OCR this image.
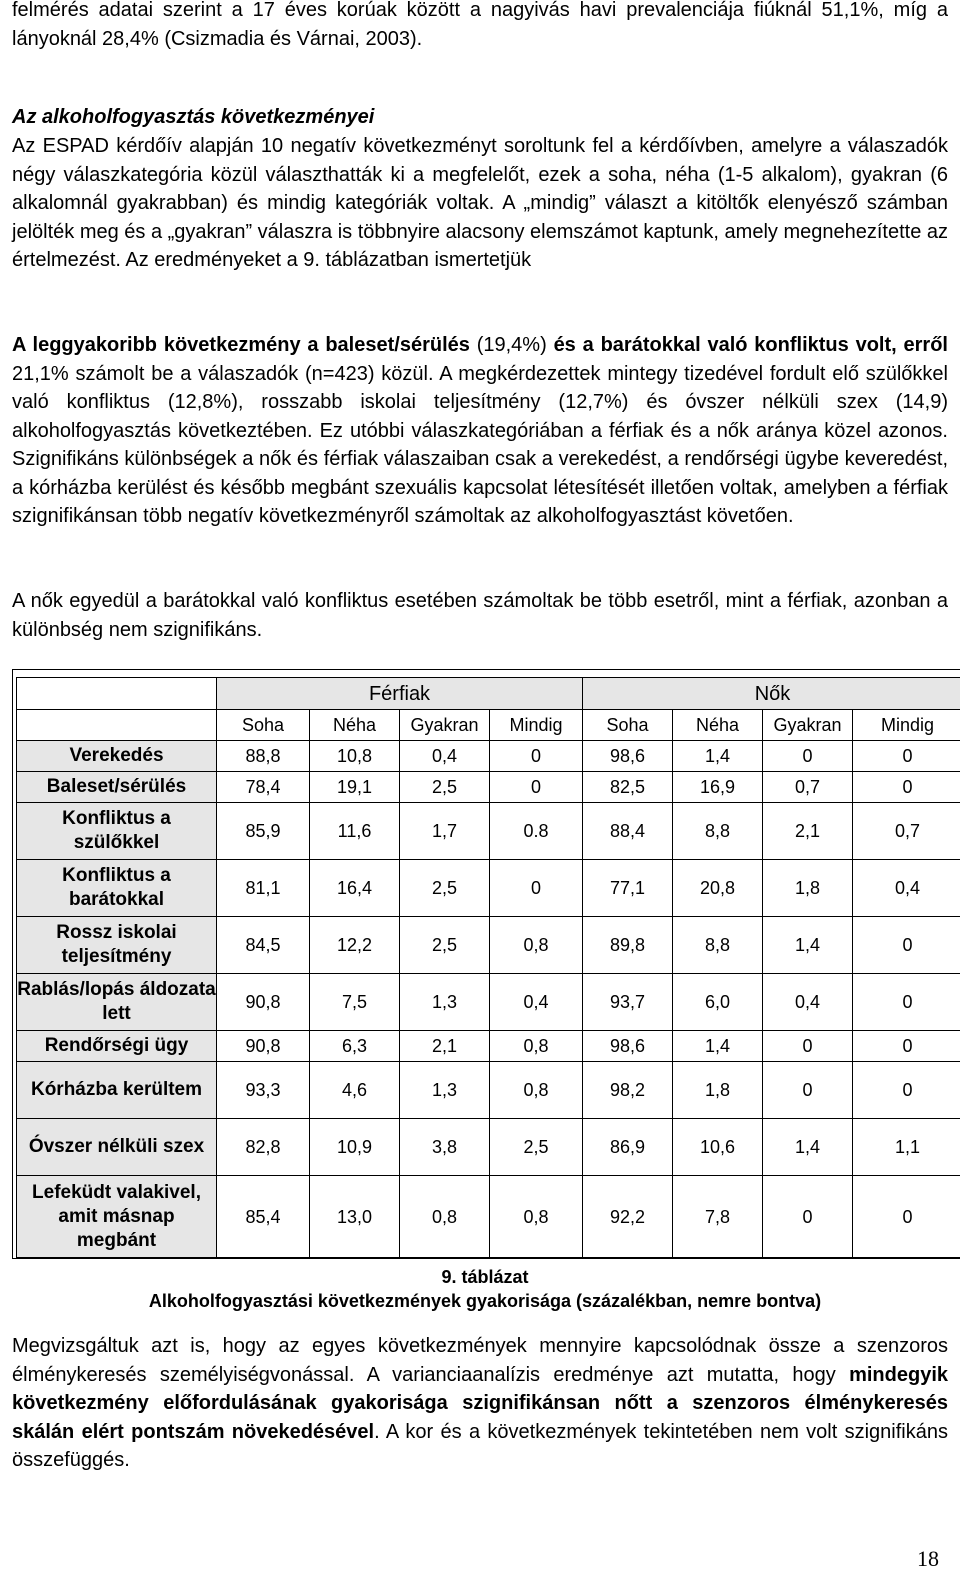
felmérés adatai szerint a 17 éves korúak között a nagyivás havi prevalenciája fiúknál 51,1%, míg a lányoknál 28,4% (Csizmadia és Várnai, 2003).

Az alkoholfogyasztás következményei

Az ESPAD kérdőív alapján 10 negatív következményt soroltunk fel a kérdőívben, amelyre a válaszadók négy válaszkategória közül választhatták ki a megfelelőt, ezek a soha, néha (1-5 alkalom), gyakran (6 alkalomnál gyakrabban) és mindig kategóriák voltak. A „mindig” választ a kitöltők elenyésző számban jelölték meg és a „gyakran” válaszra is többnyire alacsony elemszámot kaptunk, amely megnehezítette az értelmezést. Az eredményeket a 9. táblázatban ismertetjük

A leggyakoribb következmény a baleset/sérülés (19,4%) és a barátokkal való konfliktus volt, erről 21,1% számolt be a válaszadók (n=423) közül. A megkérdezettek mintegy tizedével fordult elő szülőkkel való konfliktus (12,8%), rosszabb iskolai teljesítmény (12,7%) és óvszer nélküli szex (14,9) alkoholfogyasztás következtében. Ez utóbbi válaszkategóriában a férfiak és a nők aránya közel azonos. Szignifikáns különbségek a nők és férfiak válaszaiban csak a verekedést, a rendőrségi ügybe keveredést, a kórházba kerülést és később megbánt szexuális kapcsolat létesítését illetően voltak, amelyben a férfiak szignifikánsan több negatív következményről számoltak az alkoholfogyasztást követően.

A nők egyedül a barátokkal való konfliktus esetében számoltak be több esetről, mint a férfiak, azonban a különbség nem szignifikáns.

	Férfiak				Nők			
	Soha	Néha	Gyakran	Mindig	Soha	Néha	Gyakran	Mindig
Verekedés	88,8	10,8	0,4	0	98,6	1,4	0	0
Baleset/sérülés	78,4	19,1	2,5	0	82,5	16,9	0,7	0
Konfliktus a szülőkkel	85,9	11,6	1,7	0.8	88,4	8,8	2,1	0,7
Konfliktus a barátokkal	81,1	16,4	2,5	0	77,1	20,8	1,8	0,4
Rossz iskolai teljesítmény	84,5	12,2	2,5	0,8	89,8	8,8	1,4	0
Rablás/lopás áldozata lett	90,8	7,5	1,3	0,4	93,7	6,0	0,4	0
Rendőrségi ügy	90,8	6,3	2,1	0,8	98,6	1,4	0	0
Kórházba kerültem	93,3	4,6	1,3	0,8	98,2	1,8	0	0
Óvszer nélküli szex	82,8	10,9	3,8	2,5	86,9	10,6	1,4	1,1
Lefeküdt valakivel, amit másnap megbánt	85,4	13,0	0,8	0,8	92,2	7,8	0	0
9. táblázat
Alkoholfogyasztási következmények gyakorisága (százalékban, nemre bontva)

Megvizsgáltuk azt is, hogy az egyes következmények mennyire kapcsolódnak össze a szenzoros élménykeresés személyiségvonással. A varianciaanalízis eredménye azt mutatta, hogy mindegyik következmény előfordulásának gyakorisága szignifikánsan nőtt a szenzoros élménykeresés skálán elért pontszám növekedésével. A kor és a következmények tekintetében nem volt szignifikáns összefüggés.

18
